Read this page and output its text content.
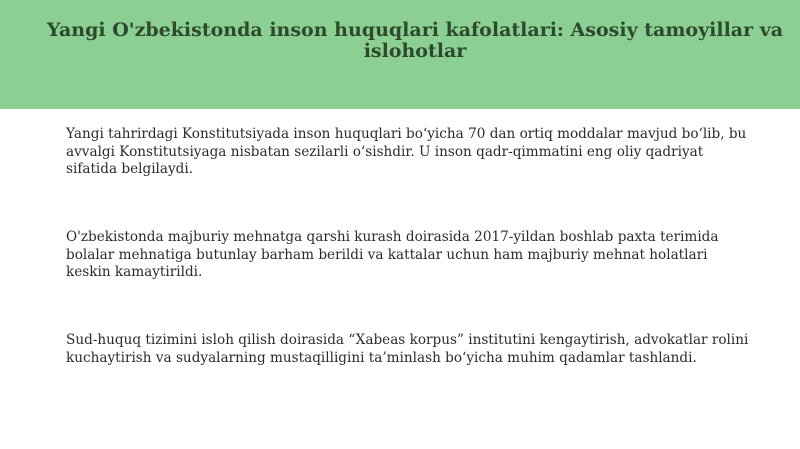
Yangi O'zbekistonda inson huquqlari kafolatlari: Asosiy tamoyillar va islohotlar

Yangi tahrirdagi Konstitutsiyada inson huquqlari bo‘yicha 70 dan ortiq moddalar mavjud bo‘lib, bu avvalgi Konstitutsiyaga nisbatan sezilarli o‘sishdir. U inson qadr-qimmatini eng oliy qadriyat sifatida belgilaydi.

O'zbekistonda majburiy mehnatga qarshi kurash doirasida 2017-yildan boshlab paxta terimida bolalar mehnatiga butunlay barham berildi va kattalar uchun ham majburiy mehnat holatlari keskin kamaytirildi.

Sud-huquq tizimini isloh qilish doirasida “Xabeas korpus” institutini kengaytirish, advokatlar rolini kuchaytirish va sudyalarning mustaqilligini ta’minlash bo‘yicha muhim qadamlar tashlandi.
